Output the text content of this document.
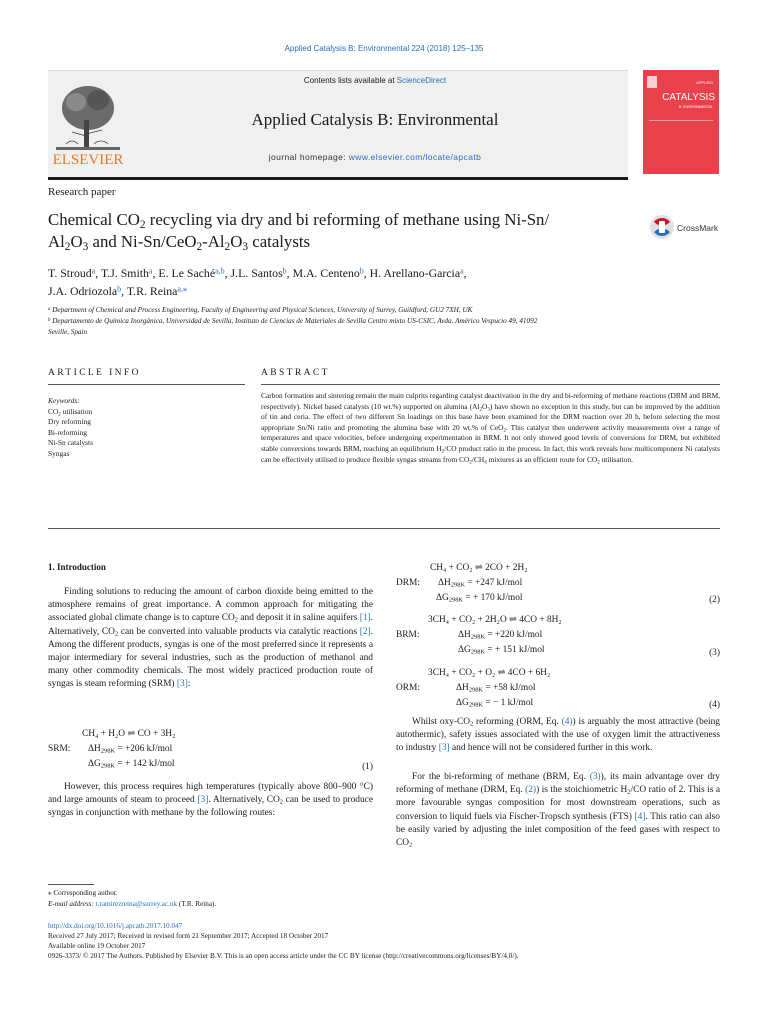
Applied Catalysis B: Environmental 224 (2018) 125–135
ELSEVIER
Contents lists available at ScienceDirect
Applied Catalysis B: Environmental
journal homepage: www.elsevier.com/locate/apcatb
APPLIED
CATALYSIS
B: ENVIRONMENTAL
Research paper
Chemical $CO_2$ recycling via dry and bi reforming of methane using Ni-Sn/
$Al_2O_3$ and $Ni-Sn/CeO_2-Al_2O_3$ catalysts
CrossMark
T. Stroud$^a$, T.J. Smith$^a$, E. Le Saché$^{a,b}$, J.L. Santos$^b$, M.A. Centeno$^b$, H. Arellano-Garcia$^a$,
J.A. Odriozola$^b$, T.R. Reina$^{a,⁎}$
$^a$ Department of Chemical and Process Engineering, Faculty of Engineering and Physical Sciences, University of Surrey, Guildford, GU2 7XH, UK
$^b$ Departamento de Química Inorgánica, Universidad de Sevilla, Instituto de Ciencias de Materiales de Sevilla Centro mixto US-CSIC, Avda. Américo Vespucio 49, 41092
Seville, Spain
ARTICLE INFO	ABSTRACT
Keywords:
$CO_2$ utilisation
Dry reforming
Bi-reforming
Ni-Sn catalysts
Syngas
Carbon formation and sintering remain the main culprits regarding catalyst deactivation in the dry and bi-reforming of methane reactions (DRM and BRM, respectively). Nickel based catalysts (10 wt.%) supported on alumina $(Al_2O_3)$ have shown no exception in this study, but can be improved by the addition of tin and ceria. The effect of two different Sn loadings on this base have been examined for the DRM reaction over 20 h, before selecting the most appropriate Sn/Ni ratio and promoting the alumina base with 20 wt.% of CeO$_2$. This catalyst then underwent activity measurements over a range of temperatures and space velocities, before undergoing experimentation in BRM. It not only showed good levels of conversions for DRM, but exhibited stable conversions towards BRM, reaching an equilibrium $H_2/CO$ product ratio in the process. In fact, this work reveals how multicomponent Ni catalysts can be effectively utilised to produce flexible syngas streams from $CO_2/CH_4$ mixtures as an efficient route for $CO_2$ utilisation.
1. Introduction
Finding solutions to reducing the amount of carbon dioxide being emitted to the atmosphere remains of great importance. A common approach for mitigating the associated global climate change is to capture $CO_2$ and deposit it in saline aquifers [1]. Alternatively, $CO_2$ can be converted into valuable products via catalytic reactions [2]. Among the different products, syngas is one of the most preferred since it represents a major intermediary for several industries, such as the production of methanol and many other commodity chemicals. The most widely practiced production route of syngas is steam reforming (SRM) [3]:
SRM:
CH₄ + H₂O ⇌ CO + 3H₂
$\Delta H_{298K} = +206$ kJ/mol
$\Delta G_{298K}$ = + 142 kJ/mol	(1)
However, this process requires high temperatures (typically above 800–900 °C) and large amounts of steam to proceed [3]. Alternatively, $CO_2$ can be used to produce syngas in conjunction with methane by the following routes:
DRM:
CH₄ + CO₂ ⇌ 2CO + 2H₂
$\Delta H_{298K} = +247$ kJ/mol
$\Delta G_{298K}$ = + 170 kJ/mol	(2)
BRM:
3CH₄ + CO₂ + 2H₂O ⇌ 4CO + 8H₂
$\Delta H_{298K} = +220$ kJ/mol
$\Delta G_{298K}$ = + 151 kJ/mol	(3)
ORM:
3CH₄ + CO₂ + O₂ ⇌ 4CO + 6H₂
$\Delta H_{298K} = +58$ kJ/mol
$\Delta G_{298K}$ = − 1 kJ/mol	(4)
Whilst oxy-$CO_2$ reforming (ORM, Eq. (4)) is arguably the most attractive (being autothermic), safety issues associated with the use of oxygen limit the attractiveness to industry [3] and hence will not be considered further in this work.
For the bi-reforming of methane (BRM, Eq. (3)), its main advantage over dry reforming of methane (DRM, Eq. (2)) is the stoichiometric $H_2/CO$ ratio of 2. This is a more favourable syngas composition for most downstream operations, such as conversion to liquid fuels via Fischer-Tropsch synthesis (FTS) [4]. This ratio can also be easily varied by adjusting the inlet composition of the feed gases with respect to $CO_2$
⁎ Corresponding author.
E-mail address: t.ramirezreina@surrey.ac.uk (T.R. Reina).
http://dx.doi.org/10.1016/j.apcatb.2017.10.047
Received 27 July 2017; Received in revised form 21 September 2017; Accepted 18 October 2017
Available online 19 October 2017
0926-3373/ © 2017 The Authors. Published by Elsevier B.V. This is an open access article under the CC BY license (http://creativecommons.org/licenses/BY/4.0/).
